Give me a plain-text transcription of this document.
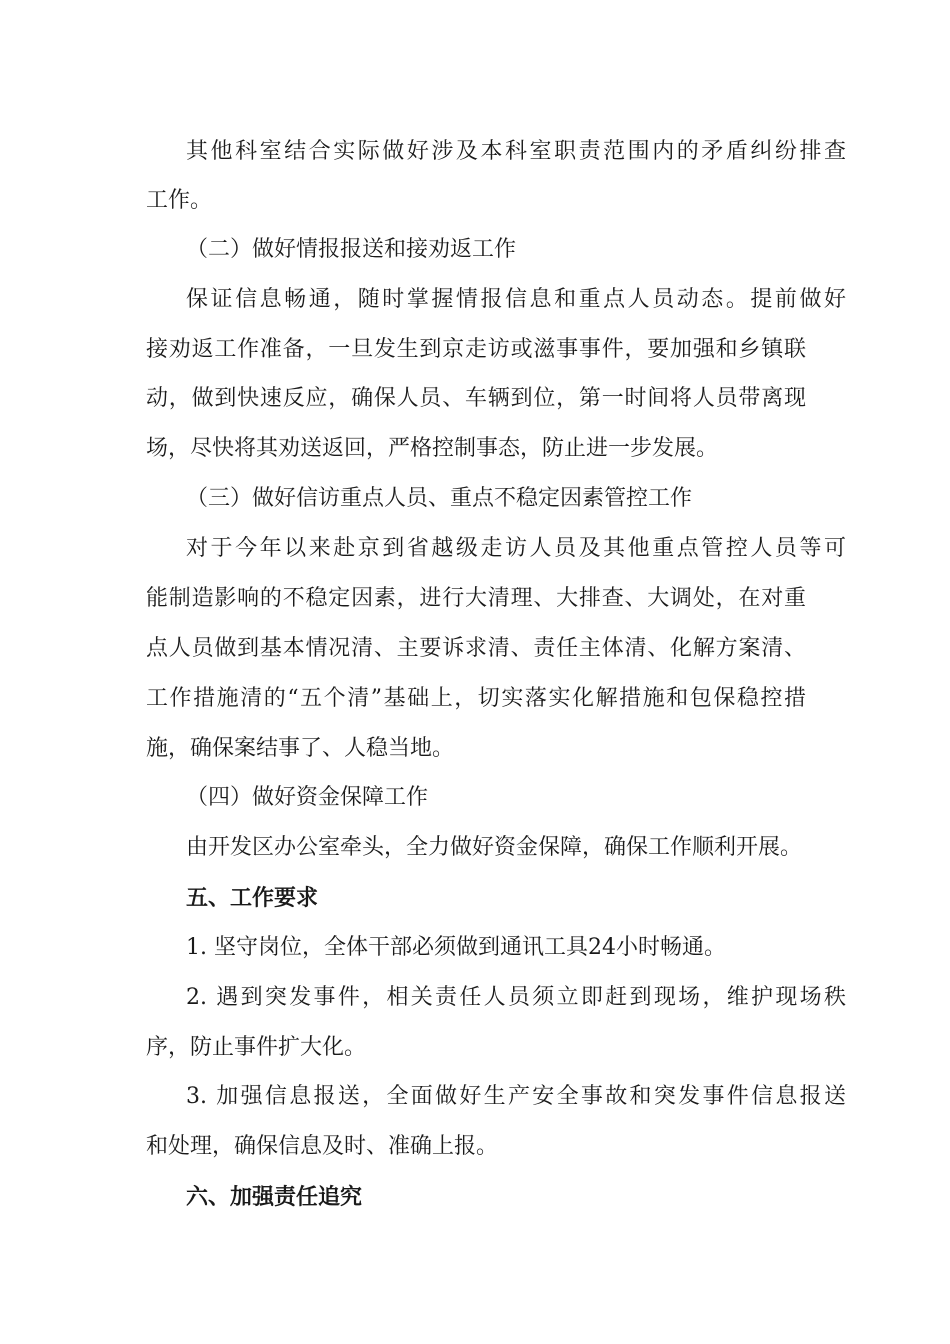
其他科室结合实际做好涉及本科室职责范围内的矛盾纠纷排查
工作。
（二）做好情报报送和接劝返工作
保证信息畅通，随时掌握情报信息和重点人员动态。提前做好
接劝返工作准备，一旦发生到京走访或滋事事件，要加强和乡镇联
动，做到快速反应，确保人员、车辆到位，第一时间将人员带离现
场，尽快将其劝送返回，严格控制事态，防止进一步发展。
（三）做好信访重点人员、重点不稳定因素管控工作
对于今年以来赴京到省越级走访人员及其他重点管控人员等可
能制造影响的不稳定因素，进行大清理、大排查、大调处，在对重
点人员做到基本情况清、主要诉求清、责任主体清、化解方案清、
工作措施清的“五个清”基础上，切实落实化解措施和包保稳控措
施，确保案结事了、人稳当地。
（四）做好资金保障工作
由开发区办公室牵头，全力做好资金保障，确保工作顺利开展。
五、工作要求
1. 坚守岗位，全体干部必须做到通讯工具24小时畅通。
2. 遇到突发事件，相关责任人员须立即赶到现场，维护现场秩
序，防止事件扩大化。
3. 加强信息报送，全面做好生产安全事故和突发事件信息报送
和处理，确保信息及时、准确上报。
六、加强责任追究
